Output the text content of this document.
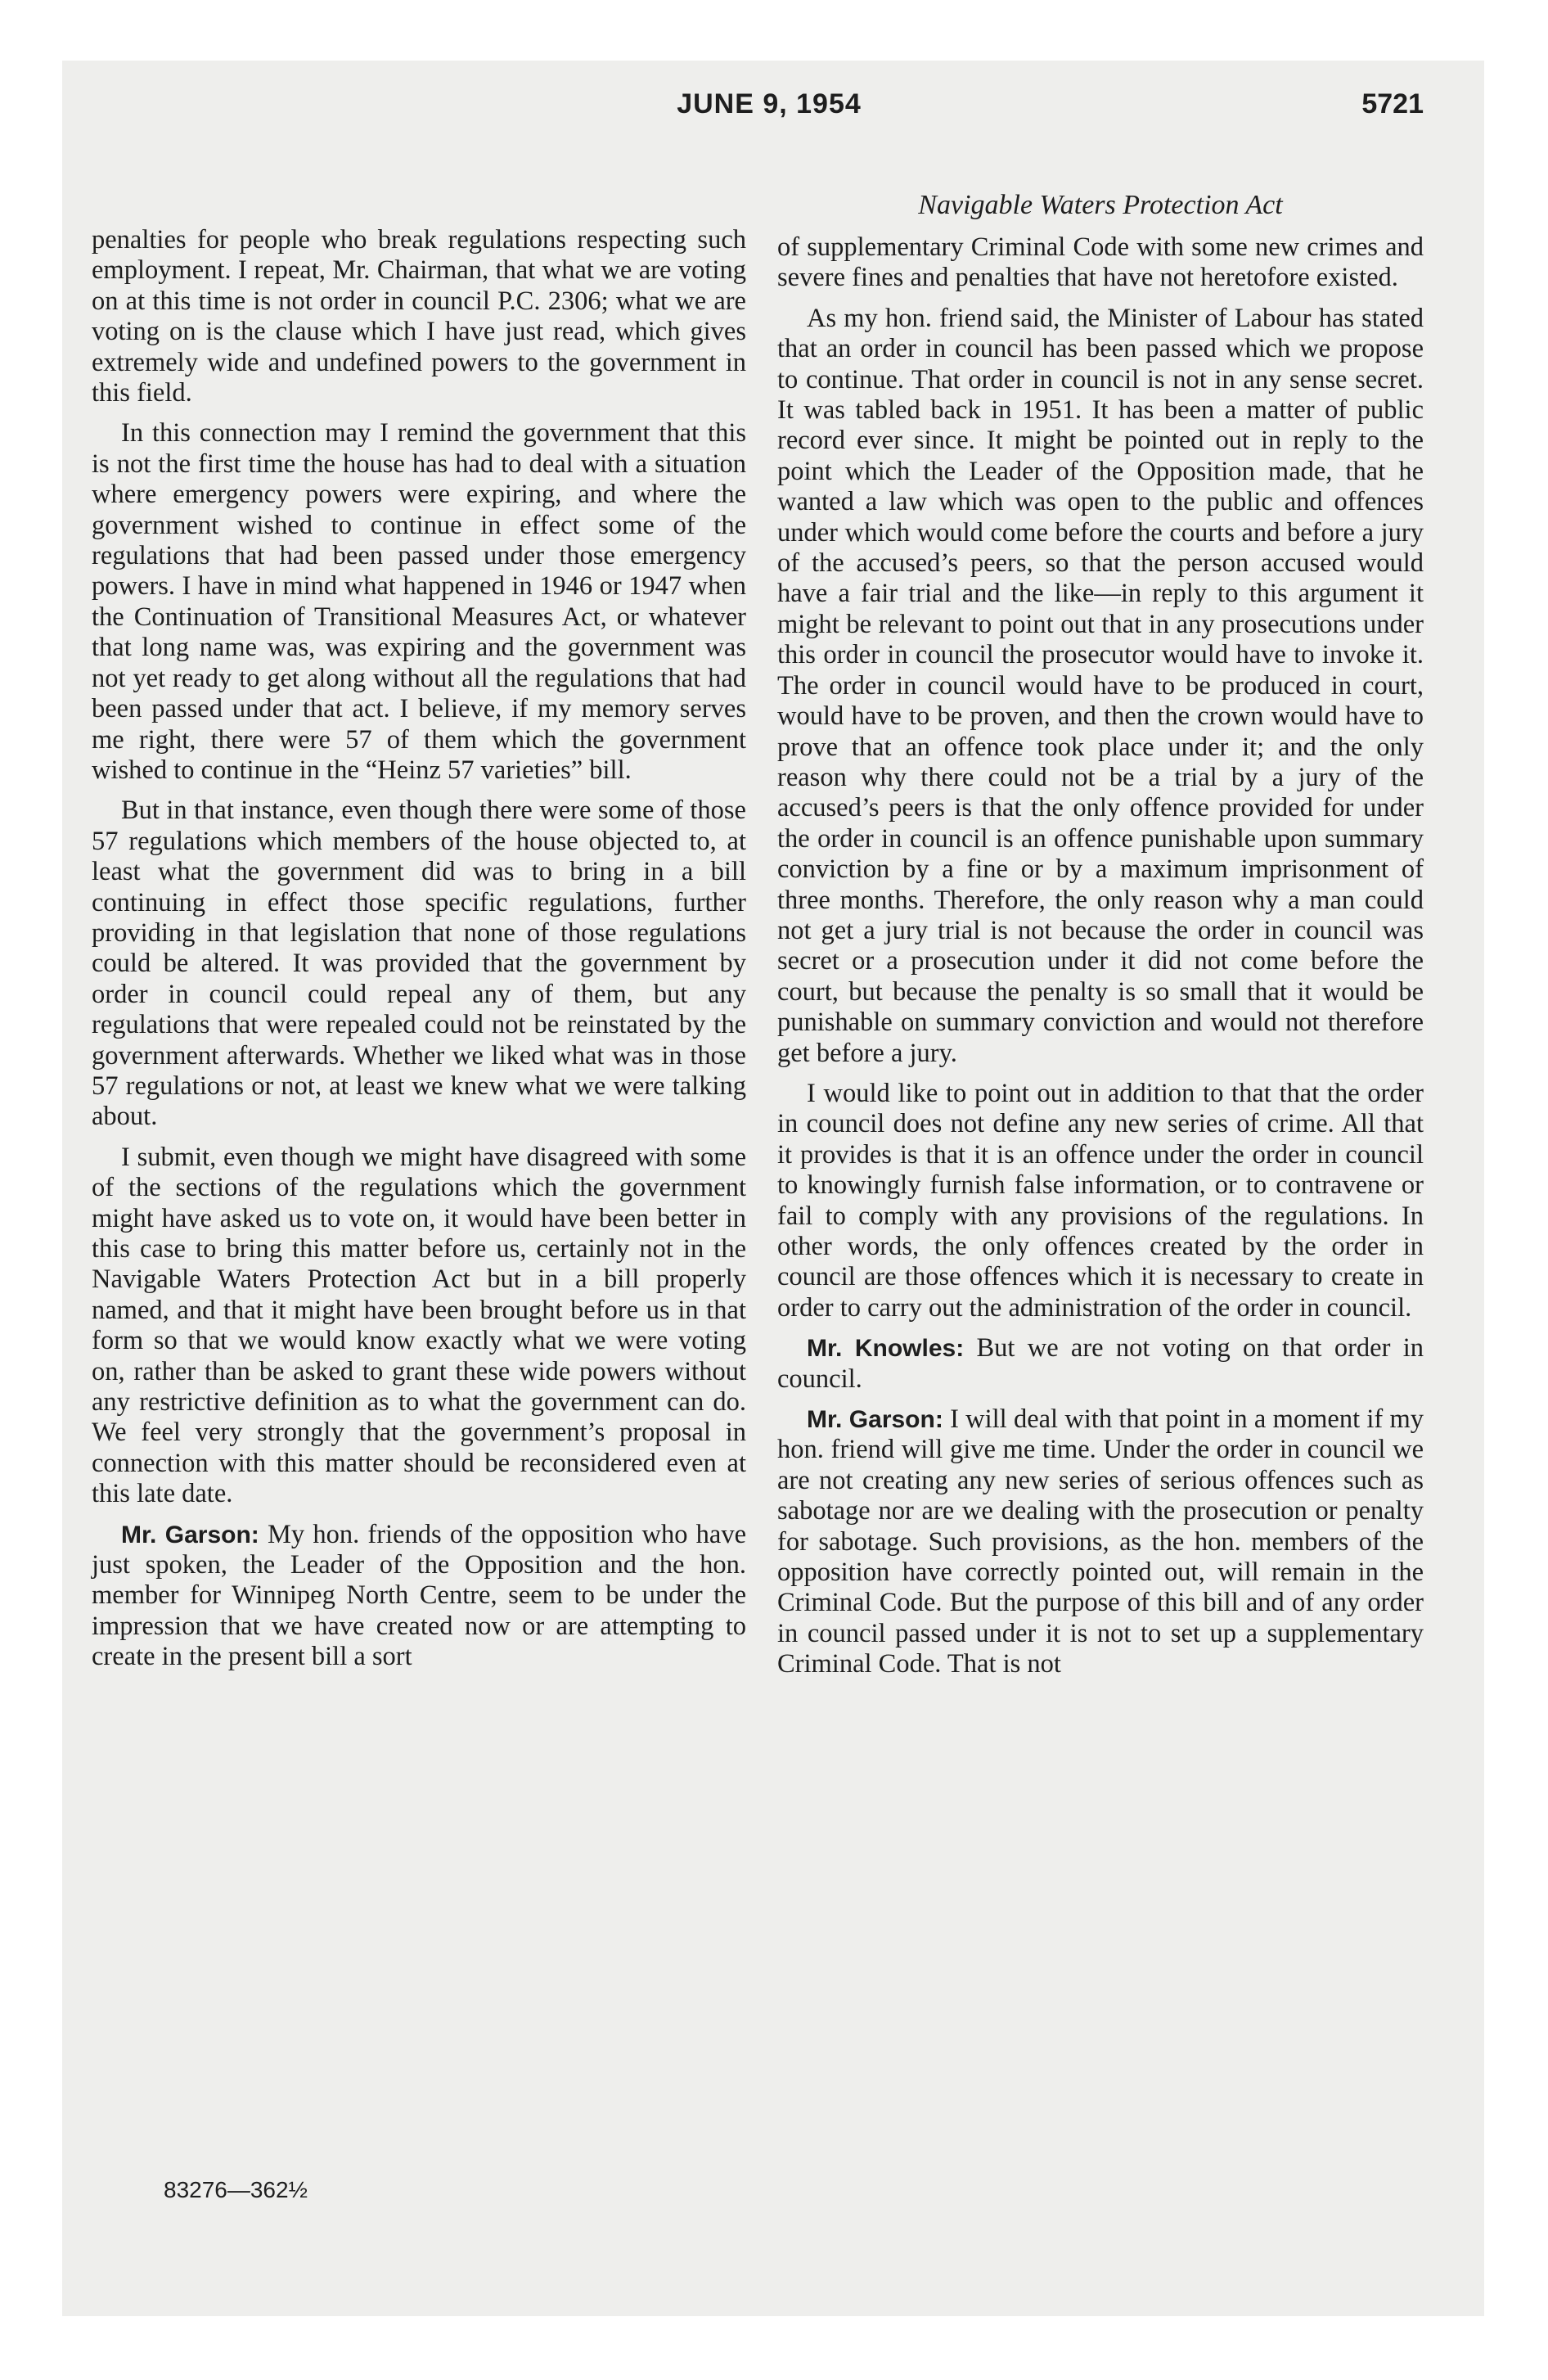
JUNE 9, 1954	5721
Navigable Waters Protection Act

penalties for people who break regulations respecting such employment. I repeat, Mr. Chairman, that what we are voting on at this time is not order in council P.C. 2306; what we are voting on is the clause which I have just read, which gives extremely wide and undefined powers to the government in this field.

In this connection may I remind the government that this is not the first time the house has had to deal with a situation where emergency powers were expiring, and where the government wished to continue in effect some of the regulations that had been passed under those emergency powers. I have in mind what happened in 1946 or 1947 when the Continuation of Transitional Measures Act, or whatever that long name was, was expiring and the government was not yet ready to get along without all the regulations that had been passed under that act. I believe, if my memory serves me right, there were 57 of them which the government wished to continue in the “Heinz 57 varieties” bill.

But in that instance, even though there were some of those 57 regulations which members of the house objected to, at least what the government did was to bring in a bill continuing in effect those specific regulations, further providing in that legislation that none of those regulations could be altered. It was provided that the government by order in council could repeal any of them, but any regulations that were repealed could not be reinstated by the government afterwards. Whether we liked what was in those 57 regulations or not, at least we knew what we were talking about.

I submit, even though we might have disagreed with some of the sections of the regulations which the government might have asked us to vote on, it would have been better in this case to bring this matter before us, certainly not in the Navigable Waters Protection Act but in a bill properly named, and that it might have been brought before us in that form so that we would know exactly what we were voting on, rather than be asked to grant these wide powers without any restrictive definition as to what the government can do. We feel very strongly that the government’s proposal in connection with this matter should be reconsidered even at this late date.

Mr. Garson: My hon. friends of the opposition who have just spoken, the Leader of the Opposition and the hon. member for Winnipeg North Centre, seem to be under the impression that we have created now or are attempting to create in the present bill a sort

83276—362½

of supplementary Criminal Code with some new crimes and severe fines and penalties that have not heretofore existed.

As my hon. friend said, the Minister of Labour has stated that an order in council has been passed which we propose to continue. That order in council is not in any sense secret. It was tabled back in 1951. It has been a matter of public record ever since. It might be pointed out in reply to the point which the Leader of the Opposition made, that he wanted a law which was open to the public and offences under which would come before the courts and before a jury of the accused’s peers, so that the person accused would have a fair trial and the like—in reply to this argument it might be relevant to point out that in any prosecutions under this order in council the prosecutor would have to invoke it. The order in council would have to be produced in court, would have to be proven, and then the crown would have to prove that an offence took place under it; and the only reason why there could not be a trial by a jury of the accused’s peers is that the only offence provided for under the order in council is an offence punishable upon summary conviction by a fine or by a maximum imprisonment of three months. Therefore, the only reason why a man could not get a jury trial is not because the order in council was secret or a prosecution under it did not come before the court, but because the penalty is so small that it would be punishable on summary conviction and would not therefore get before a jury.

I would like to point out in addition to that that the order in council does not define any new series of crime. All that it provides is that it is an offence under the order in council to knowingly furnish false information, or to contravene or fail to comply with any provisions of the regulations. In other words, the only offences created by the order in council are those offences which it is necessary to create in order to carry out the administration of the order in council.

Mr. Knowles: But we are not voting on that order in council.

Mr. Garson: I will deal with that point in a moment if my hon. friend will give me time. Under the order in council we are not creating any new series of serious offences such as sabotage nor are we dealing with the prosecution or penalty for sabotage. Such provisions, as the hon. members of the opposition have correctly pointed out, will remain in the Criminal Code. But the purpose of this bill and of any order in council passed under it is not to set up a supplementary Criminal Code. That is not
